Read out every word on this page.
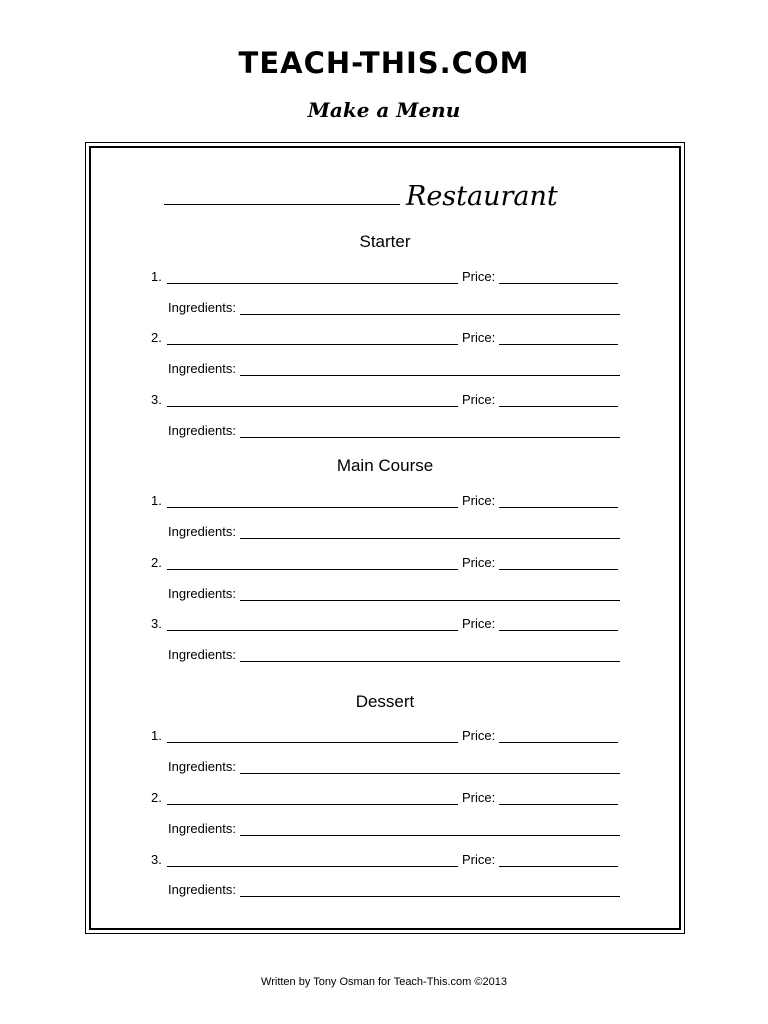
TEACH-THIS.COM
Make a Menu
Restaurant
Starter
1.	Price:
Ingredients:
2.	Price:
Ingredients:
3.	Price:
Ingredients:
Main Course
1.	Price:
Ingredients:
2.	Price:
Ingredients:
3.	Price:
Ingredients:
Dessert
1.	Price:
Ingredients:
2.	Price:
Ingredients:
3.	Price:
Ingredients:

Written by Tony Osman for Teach-This.com ©2013
